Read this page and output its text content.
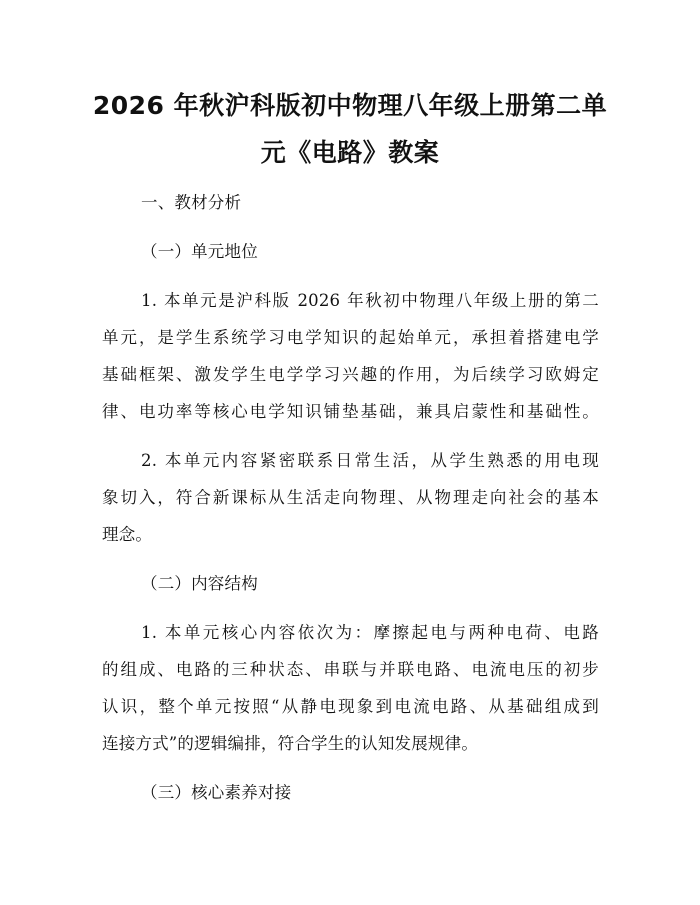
2026 年秋沪科版初中物理八年级上册第二单
元《电路》教案
一、教材分析
（一）单元地位
1. 本单元是沪科版 2026 年秋初中物理八年级上册的第二
单元，是学生系统学习电学知识的起始单元，承担着搭建电学
基础框架、激发学生电学学习兴趣的作用，为后续学习欧姆定
律、电功率等核心电学知识铺垫基础，兼具启蒙性和基础性。
2. 本单元内容紧密联系日常生活，从学生熟悉的用电现
象切入，符合新课标从生活走向物理、从物理走向社会的基本
理念。
（二）内容结构
1. 本单元核心内容依次为：摩擦起电与两种电荷、电路
的组成、电路的三种状态、串联与并联电路、电流电压的初步
认识，整个单元按照“从静电现象到电流电路、从基础组成到
连接方式”的逻辑编排，符合学生的认知发展规律。
（三）核心素养对接
